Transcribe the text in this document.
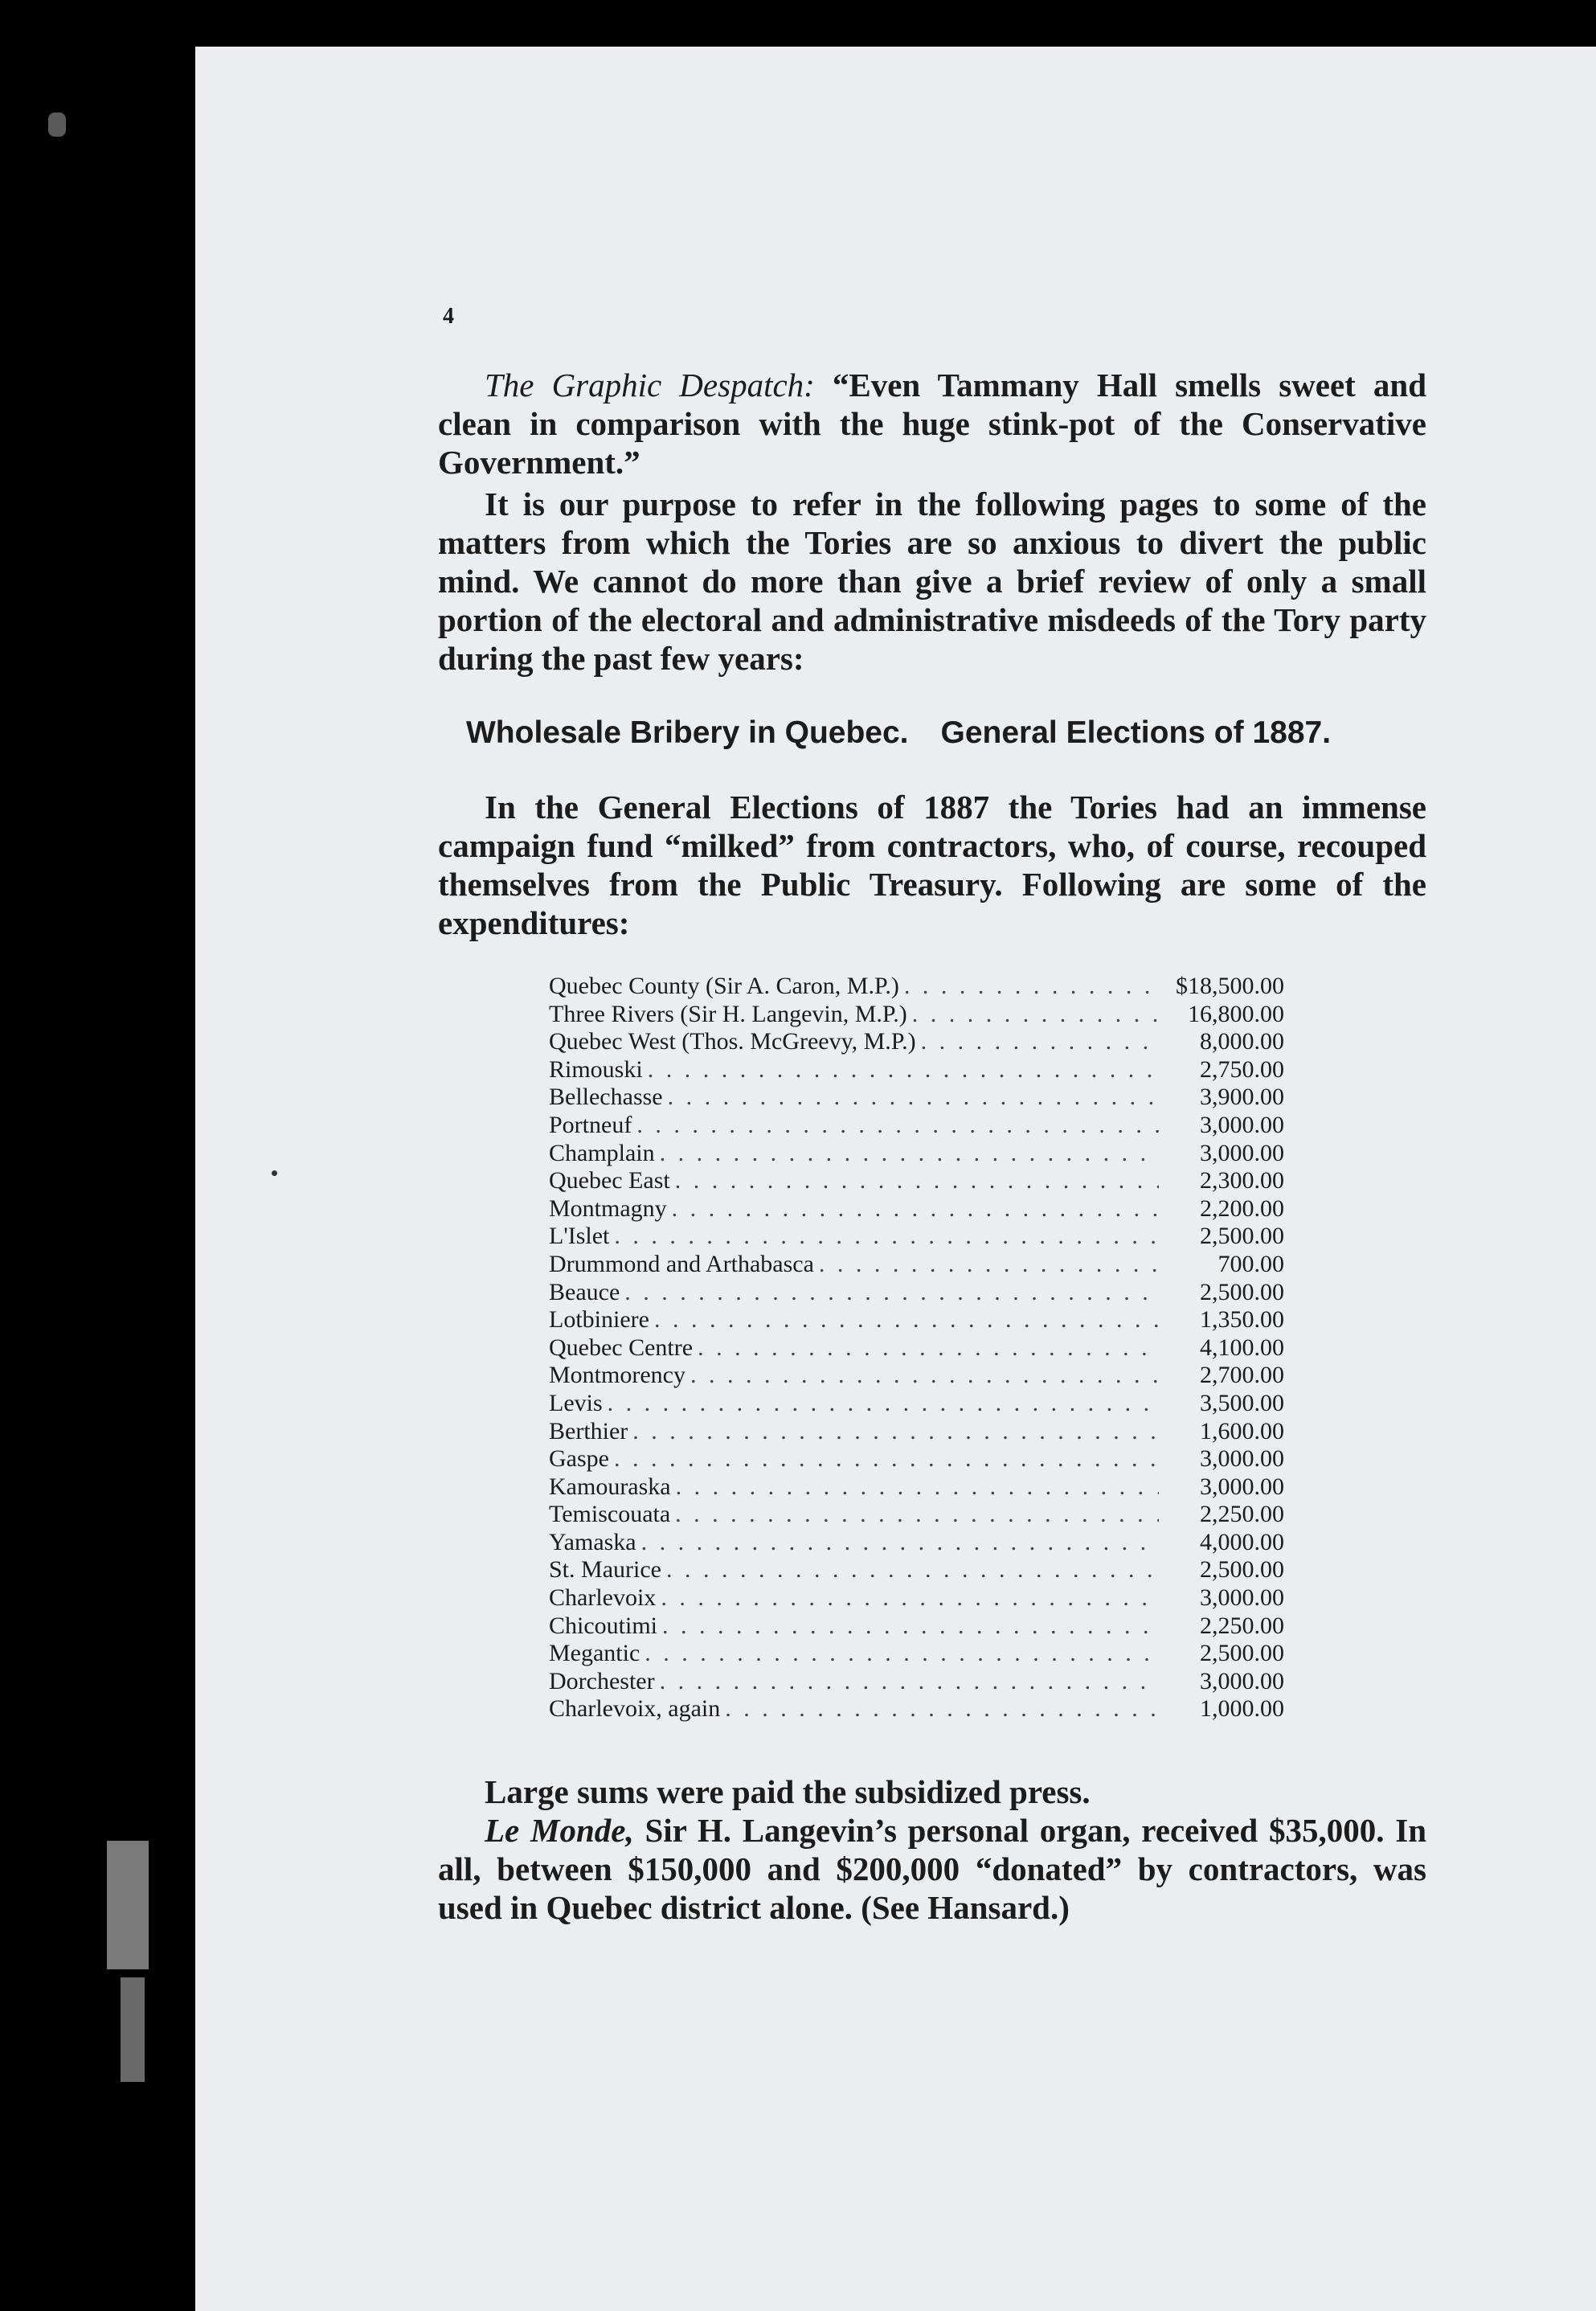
4

The Graphic Despatch: “Even Tammany Hall smells sweet and clean in comparison with the huge stink-pot of the Conservative Government.”

It is our purpose to refer in the following pages to some of the matters from which the Tories are so anxious to divert the public mind. We cannot do more than give a brief review of only a small portion of the electoral and administrative misdeeds of the Tory party during the past few years:

Wholesale Bribery in Quebec. General Elections of 1887.

In the General Elections of 1887 the Tories had an immense campaign fund “milked” from contractors, who, of course, recouped themselves from the Public Treasury. Following are some of the expenditures:

Quebec County (Sir A. Caron, M.P.) . . .	$18,500.00
Three Rivers (Sir H. Langevin, M.P.) . . .	16,800.00
Quebec West (Thos. McGreevy, M.P.) . . .	8,000.00
Rimouski . . .	2,750.00
Bellechasse . . .	3,900.00
Portneuf . . .	3,000.00
Champlain . . .	3,000.00
Quebec East . . .	2,300.00
Montmagny . . .	2,200.00
L'Islet . . .	2,500.00
Drummond and Arthabasca . . .	700.00
Beauce . . .	2,500.00
Lotbiniere . . .	1,350.00
Quebec Centre . . .	4,100.00
Montmorency . . .	2,700.00
Levis . . .	3,500.00
Berthier . . .	1,600.00
Gaspe . . .	3,000.00
Kamouraska . . .	3,000.00
Temiscouata . . .	2,250.00
Yamaska . . .	4,000.00
St. Maurice . . .	2,500.00
Charlevoix . . .	3,000.00
Chicoutimi . . .	2,250.00
Megantic . . .	2,500.00
Dorchester . . .	3,000.00
Charlevoix, again . . .	1,000.00

Large sums were paid the subsidized press.

Le Monde, Sir H. Langevin’s personal organ, received $35,000. In all, between $150,000 and $200,000 “donated” by contractors, was used in Quebec district alone. (See Hansard.)
